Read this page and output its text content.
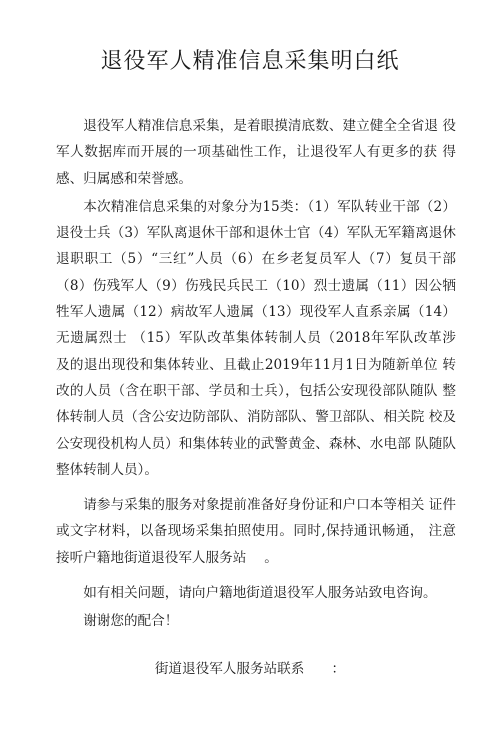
退役军人精准信息采集明白纸

退役军人精准信息采集，是着眼摸清底数、建立健全全省退 役军人数据库而开展的一项基础性工作，让退役军人有更多的获 得感、归属感和荣誉感。

本次精准信息采集的对象分为15类：（1）军队转业干部（2）退役士兵（3）军队离退休干部和退休士官（4）军队无军籍离退休退职职工（5）“三红”人员（6）在乡老复员军人（7）复员干部（8）伤残军人（9）伤残民兵民工（10）烈士遗属（11）因公牺牲军人遗属（12）病故军人遗属（13）现役军人直系亲属（14）无遗属烈士 （15）军队改革集体转制人员（2018年军队改革涉 及的退出现役和集体转业、且截止2019年11月1日为随新单位 转改的人员（含在职干部、学员和士兵），包括公安现役部队随队 整体转制人员（含公安边防部队、消防部队、警卫部队、相关院 校及公安现役机构人员）和集体转业的武警黄金、森林、水电部 队随队整体转制人员）。

请参与采集的服务对象提前准备好身份证和户口本等相关 证件或文字材料，以备现场采集拍照使用。同时,保持通讯畅通， 注意接听户籍地街道退役军人服务站　 。

如有相关问题，请向户籍地街道退役军人服务站致电咨询。

谢谢您的配合！

街道退役军人服务站联系　　：
